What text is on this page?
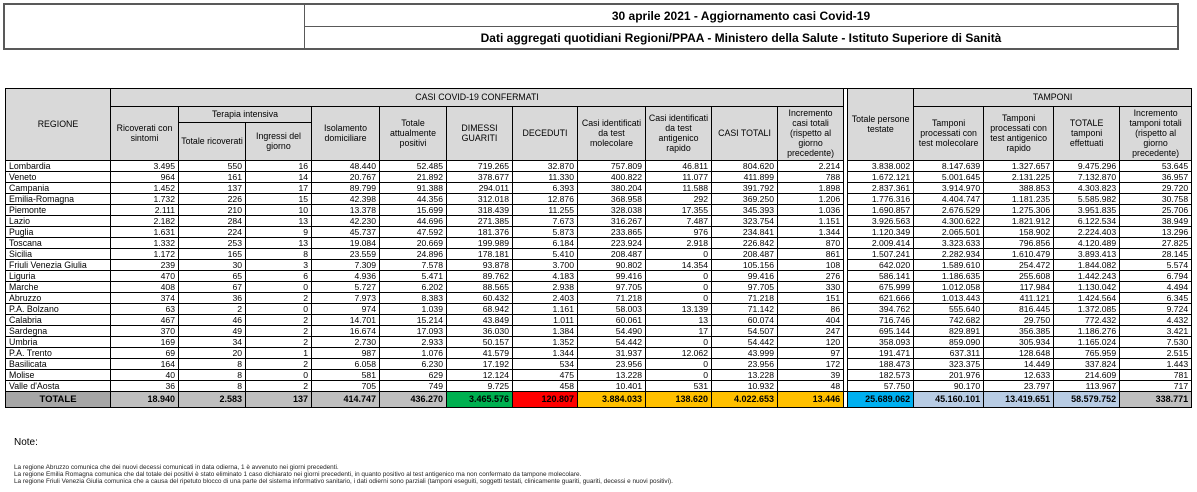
30 aprile 2021 - Aggiornamento casi Covid-19
Dati aggregati quotidiani Regioni/PPAA - Ministero della Salute - Istituto Superiore di Sanità
REGIONE	CASI COVID-19 CONFERMATI												Totale persone testate	TAMPONI			
	Ricoverati con sintomi	Terapia intensiva		Isolamento domiciliare	Totale attualmente positivi	DIMESSI GUARITI	DECEDUTI	Casi identificati da test molecolare	Casi identificati da test antigenico rapido	CASI TOTALI	Incremento casi totali (rispetto al giorno precedente)			Tamponi processati con test molecolare	Tamponi processati con test antigenico rapido	TOTALE tamponi effettuati	Incremento tamponi totali (rispetto al giorno precedente)
		Totale ricoverati	Ingressi del giorno														
Lombardia	3.495	550	16	48.440	52.485	719.265	32.870	757.809	46.811	804.620	2.214		3.838.002	8.147.639	1.327.657	9.475.296	53.645
Veneto	964	161	14	20.767	21.892	378.677	11.330	400.822	11.077	411.899	788		1.672.121	5.001.645	2.131.225	7.132.870	36.957
Campania	1.452	137	17	89.799	91.388	294.011	6.393	380.204	11.588	391.792	1.898		2.837.361	3.914.970	388.853	4.303.823	29.720
Emilia-Romagna	1.732	226	15	42.398	44.356	312.018	12.876	368.958	292	369.250	1.206		1.776.316	4.404.747	1.181.235	5.585.982	30.758
Piemonte	2.111	210	10	13.378	15.699	318.439	11.255	328.038	17.355	345.393	1.036		1.690.857	2.676.529	1.275.306	3.951.835	25.706
Lazio	2.182	284	13	42.230	44.696	271.385	7.673	316.267	7.487	323.754	1.151		3.926.563	4.300.622	1.821.912	6.122.534	38.949
Puglia	1.631	224	9	45.737	47.592	181.376	5.873	233.865	976	234.841	1.344		1.120.349	2.065.501	158.902	2.224.403	13.296
Toscana	1.332	253	13	19.084	20.669	199.989	6.184	223.924	2.918	226.842	870		2.009.414	3.323.633	796.856	4.120.489	27.825
Sicilia	1.172	165	8	23.559	24.896	178.181	5.410	208.487	0	208.487	861		1.507.241	2.282.934	1.610.479	3.893.413	28.145
Friuli Venezia Giulia	239	30	3	7.309	7.578	93.878	3.700	90.802	14.354	105.156	108		642.020	1.589.610	254.472	1.844.082	5.574
Liguria	470	65	6	4.936	5.471	89.762	4.183	99.416	0	99.416	276		586.141	1.186.635	255.608	1.442.243	6.794
Marche	408	67	0	5.727	6.202	88.565	2.938	97.705	0	97.705	330		675.999	1.012.058	117.984	1.130.042	4.494
Abruzzo	374	36	2	7.973	8.383	60.432	2.403	71.218	0	71.218	151		621.666	1.013.443	411.121	1.424.564	6.345
P.A. Bolzano	63	2	0	974	1.039	68.942	1.161	58.003	13.139	71.142	86		394.762	555.640	816.445	1.372.085	9.724
Calabria	467	46	2	14.701	15.214	43.849	1.011	60.061	13	60.074	404		716.746	742.682	29.750	772.432	4.432
Sardegna	370	49	2	16.674	17.093	36.030	1.384	54.490	17	54.507	247		695.144	829.891	356.385	1.186.276	3.421
Umbria	169	34	2	2.730	2.933	50.157	1.352	54.442	0	54.442	120		358.093	859.090	305.934	1.165.024	7.530
P.A. Trento	69	20	1	987	1.076	41.579	1.344	31.937	12.062	43.999	97		191.471	637.311	128.648	765.959	2.515
Basilicata	164	8	2	6.058	6.230	17.192	534	23.956	0	23.956	172		188.473	323.375	14.449	337.824	1.443
Molise	40	8	0	581	629	12.124	475	13.228	0	13.228	39		182.573	201.976	12.633	214.609	781
Valle d'Aosta	36	8	2	705	749	9.725	458	10.401	531	10.932	48		57.750	90.170	23.797	113.967	717
TOTALE	18.940	2.583	137	414.747	436.270	3.465.576	120.807	3.884.033	138.620	4.022.653	13.446		25.689.062	45.160.101	13.419.651	58.579.752	338.771
Note:
La regione Abruzzo comunica che dei nuovi decessi comunicati in data odierna, 1 è avvenuto nei giorni precedenti.
La regione Emilia Romagna comunica che dal totale dei positivi è stato eliminato 1 caso dichiarato nei giorni precedenti, in quanto positivo al test antigenico ma non confermato da tampone molecolare.
La regione Friuli Venezia Giulia comunica che a causa del ripetuto blocco di una parte del sistema informativo sanitario, i dati odierni sono parziali (tamponi eseguiti, soggetti testati, clinicamente guariti, guariti, decessi e nuovi positivi).
